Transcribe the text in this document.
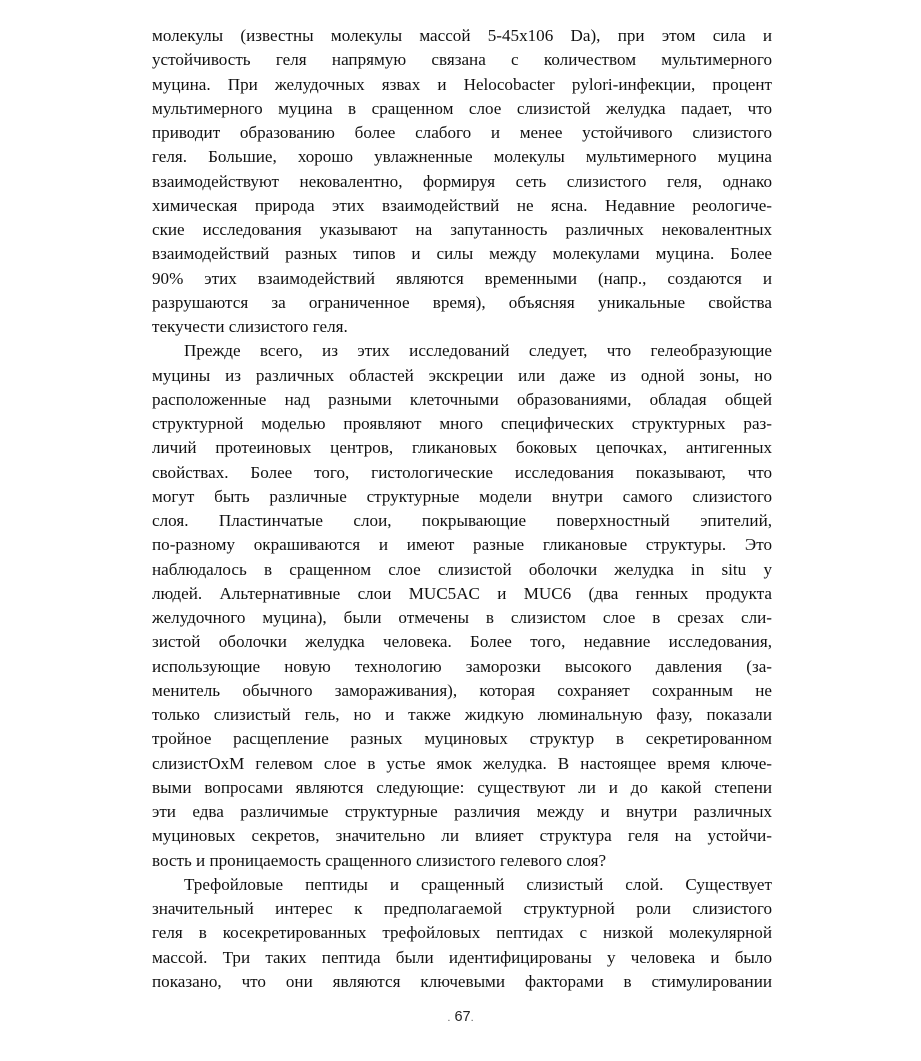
молекулы (известны молекулы массой 5-45x106 Da), при этом сила и
устойчивость геля напрямую связана с количеством мультимерного
муцина. При желудочных язвах и Helocobacter pylori-инфекции, процент
мультимерного муцина в сращенном слое слизистой желудка падает, что
приводит образованию более слабого и менее устойчивого слизистого
геля. Большие, хорошо увлажненные молекулы мультимерного муцина
взаимодействуют нековалентно, формируя сеть слизистого геля, однако
химическая природа этих взаимодействий не ясна. Недавние реологиче-
ские исследования указывают на запутанность различных нековалентных
взаимодействий разных типов и силы между молекулами муцина. Более
90% этих взаимодействий являются временными (напр., создаются и
разрушаются за ограниченное время), объясняя уникальные свойства
текучести слизистого геля.
Прежде всего, из этих исследований следует, что гелеобразующие
муцины из различных областей экскреции или даже из одной зоны, но
расположенные над разными клеточными образованиями, обладая общей
структурной моделью проявляют много специфических структурных раз-
личий протеиновых центров, гликановых боковых цепочках, антигенных
свойствах. Более того, гистологические исследования показывают, что
могут быть различные структурные модели внутри самого слизистого
слоя. Пластинчатые слои, покрывающие поверхностный эпителий,
по-разному окрашиваются и имеют разные гликановые структуры. Это
наблюдалось в сращенном слое слизистой оболочки желудка in situ у
людей. Альтернативные слои MUC5AC и MUC6 (два генных продукта
желудочного муцина), были отмечены в слизистом слое в срезах сли-
зистой оболочки желудка человека. Более того, недавние исследования,
использующие новую технологию заморозки высокого давления (за-
менитель обычного замораживания), которая сохраняет сохранным не
только слизистый гель, но и также жидкую люминальную фазу, показали
тройное расщепление разных муциновых структур в секретированном
слизистОхМ гелевом слое в устье ямок желудка. В настоящее время ключе-
выми вопросами являются следующие: существуют ли и до какой степени
эти едва различимые структурные различия между и внутри различных
муциновых секретов, значительно ли влияет структура геля на устойчи-
вость и проницаемость сращенного слизистого гелевого слоя?
Трефойловые пептиды и сращенный слизистый слой. Существует
значительный интерес к предполагаемой структурной роли слизистого
геля в косекретированных трефойловых пептидах с низкой молекулярной
массой. Три таких пептида были идентифицированы у человека и было
показано, что они являются ключевыми факторами в стимулировании
. 67.
